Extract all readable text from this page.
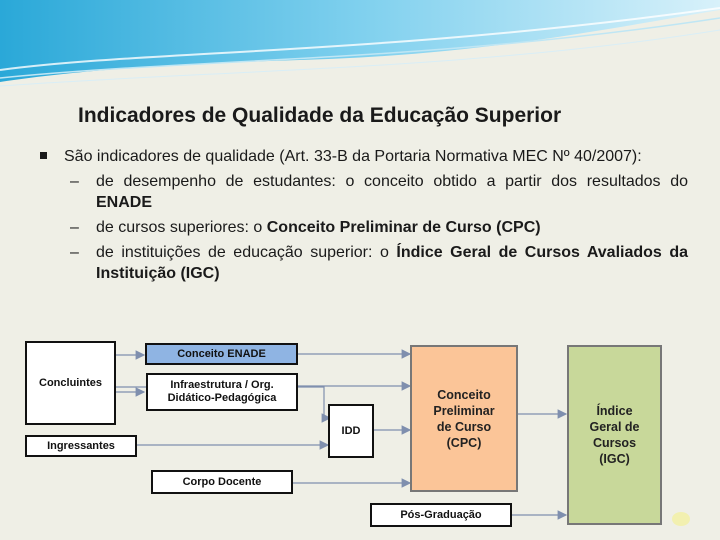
Indicadores de Qualidade da Educação Superior
São indicadores de qualidade (Art. 33-B da Portaria Normativa MEC Nº 40/2007):
– de desempenho de estudantes: o conceito obtido a partir dos resultados do ENADE
– de cursos superiores: o Conceito Preliminar de Curso (CPC)
– de instituições de educação superior: o Índice Geral de Cursos Avaliados da Instituição (IGC)
Concluintes
Ingressantes
Conceito ENADE
Infraestrutura / Org.
Didático-Pedagógica
IDD
Corpo Docente
Pós-Graduação
Conceito
Preliminar
de Curso
(CPC)
Índice
Geral de
Cursos
(IGC)
